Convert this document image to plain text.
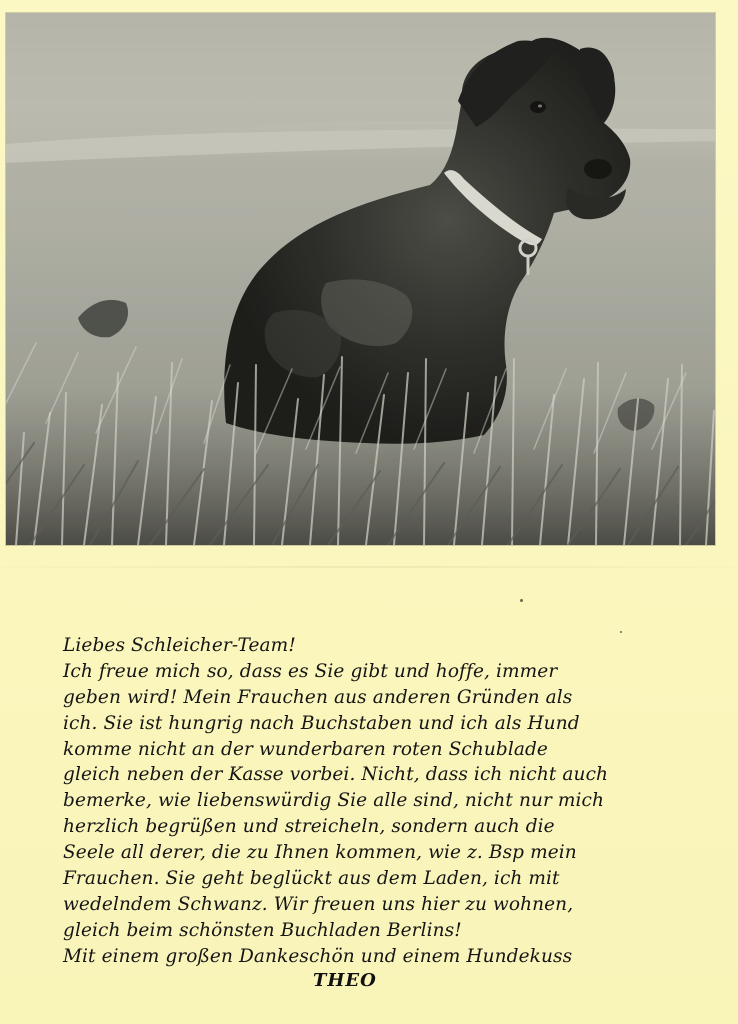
Liebes Schleicher-Team!
Ich freue mich so, dass es Sie gibt und hoffe, immer
geben wird! Mein Frauchen aus anderen Gründen als
ich. Sie ist hungrig nach Buchstaben und ich als Hund
komme nicht an der wunderbaren roten Schublade
gleich neben der Kasse vorbei. Nicht, dass ich nicht auch
bemerke, wie liebenswürdig Sie alle sind, nicht nur mich
herzlich begrüßen und streicheln, sondern auch die
Seele all derer, die zu Ihnen kommen, wie z. Bsp mein
Frauchen. Sie geht beglückt aus dem Laden, ich mit
wedelndem Schwanz. Wir freuen uns hier zu wohnen,
gleich beim schönsten Buchladen Berlins!
Mit einem großen Dankeschön und einem Hundekuss
THEO
